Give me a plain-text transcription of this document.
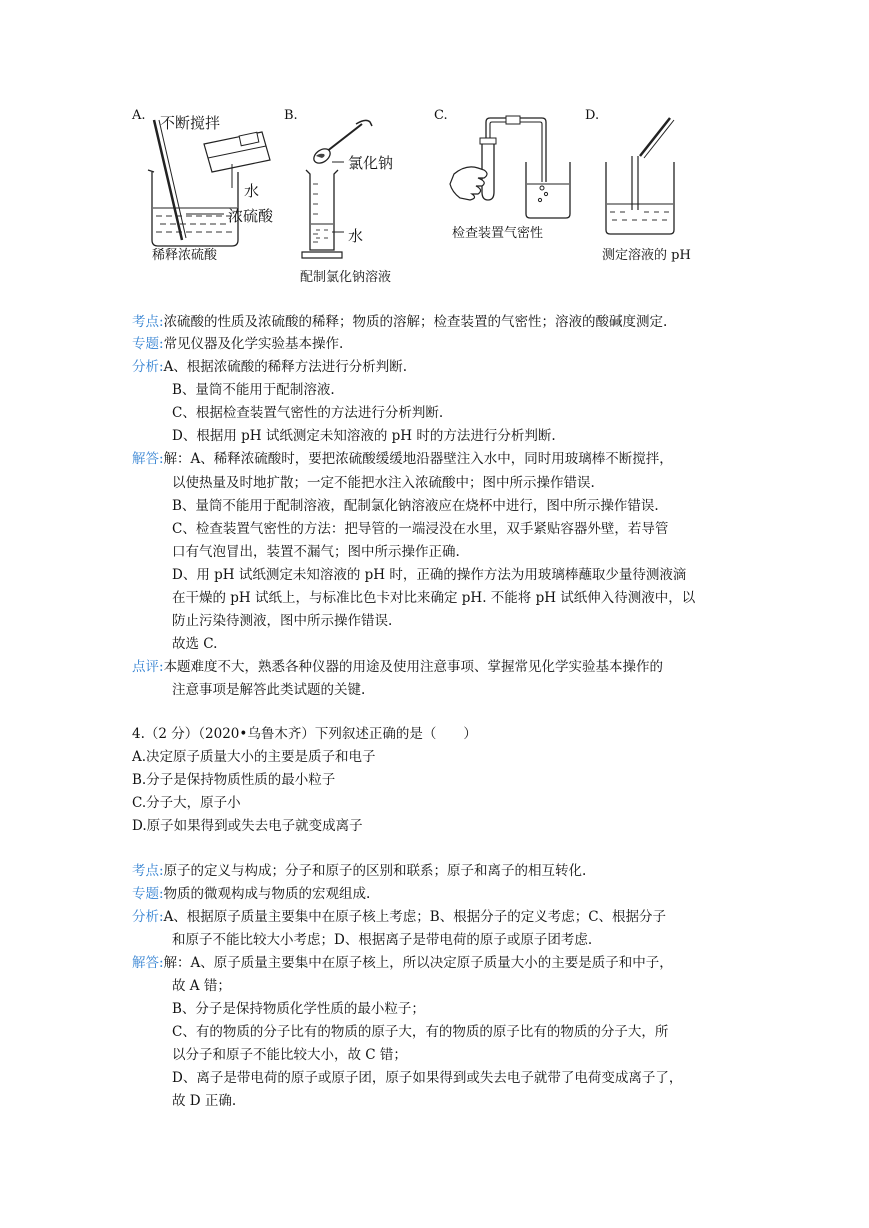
A. 不断搅拌
水
浓硫酸
稀释浓硫酸
B.
氯化钠
水
配制氯化钠溶液
C.
检查装置气密性
D.
测定溶液的 pH
考点:浓硫酸的性质及浓硫酸的稀释；物质的溶解；检查装置的气密性；溶液的酸碱度测定.
专题:常见仪器及化学实验基本操作.
分析:A、根据浓硫酸的稀释方法进行分析判断.
B、量筒不能用于配制溶液.
C、根据检查装置气密性的方法进行分析判断.
D、根据用 pH 试纸测定未知溶液的 pH 时的方法进行分析判断.
解答:解：A、稀释浓硫酸时，要把浓硫酸缓缓地沿器壁注入水中，同时用玻璃棒不断搅拌，
以使热量及时地扩散；一定不能把水注入浓硫酸中；图中所示操作错误.
B、量筒不能用于配制溶液，配制氯化钠溶液应在烧杯中进行，图中所示操作错误.
C、检查装置气密性的方法：把导管的一端浸没在水里，双手紧贴容器外壁，若导管
口有气泡冒出，装置不漏气；图中所示操作正确.
D、用 pH 试纸测定未知溶液的 pH 时，正确的操作方法为用玻璃棒蘸取少量待测液滴
在干燥的 pH 试纸上，与标准比色卡对比来确定 pH. 不能将 pH 试纸伸入待测液中，以
防止污染待测液，图中所示操作错误.
故选 C.
点评:本题难度不大，熟悉各种仪器的用途及使用注意事项、掌握常见化学实验基本操作的
注意事项是解答此类试题的关键.
4.（2 分）（2020•乌鲁木齐）下列叙述正确的是（　　）
A.决定原子质量大小的主要是质子和电子
B.分子是保持物质性质的最小粒子
C.分子大，原子小
D.原子如果得到或失去电子就变成离子
考点:原子的定义与构成；分子和原子的区别和联系；原子和离子的相互转化.
专题:物质的微观构成与物质的宏观组成.
分析:A、根据原子质量主要集中在原子核上考虑；B、根据分子的定义考虑；C、根据分子
和原子不能比较大小考虑；D、根据离子是带电荷的原子或原子团考虑.
解答:解：A、原子质量主要集中在原子核上，所以决定原子质量大小的主要是质子和中子，
故 A 错；
B、分子是保持物质化学性质的最小粒子；
C、有的物质的分子比有的物质的原子大，有的物质的原子比有的物质的分子大，所
以分子和原子不能比较大小，故 C 错；
D、离子是带电荷的原子或原子团，原子如果得到或失去电子就带了电荷变成离子了，
故 D 正确.
